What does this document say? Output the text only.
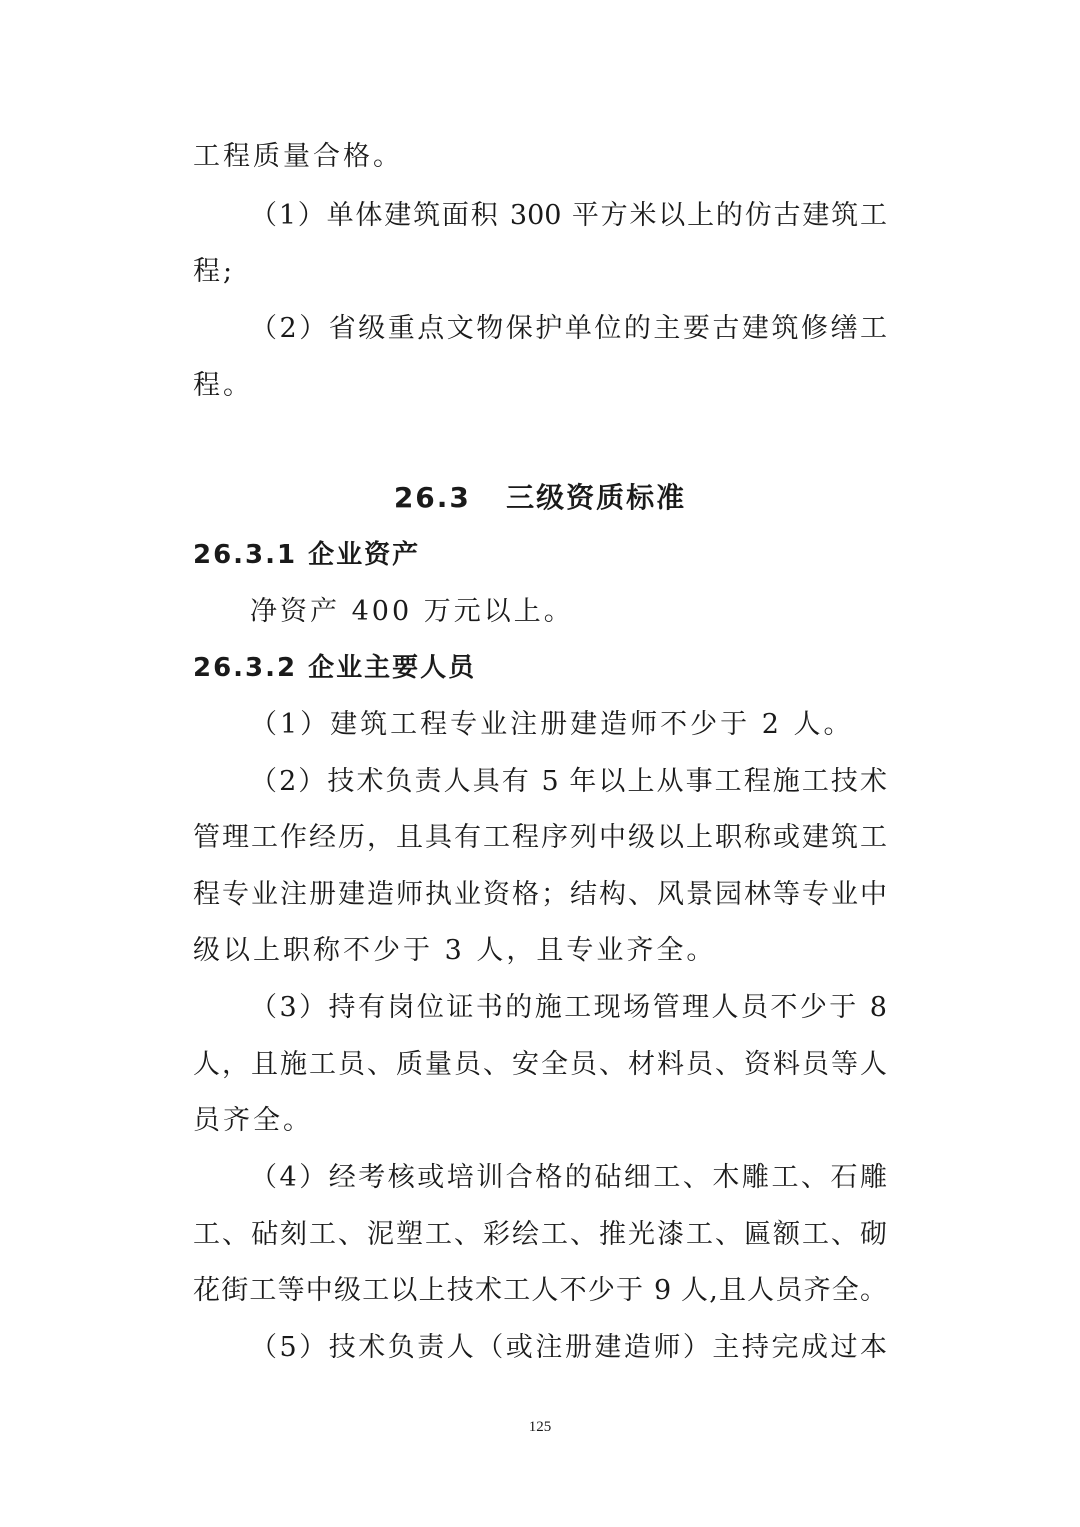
工程质量合格。
（1）单体建筑面积 300 平方米以上的仿古建筑工
程;
（2）省级重点文物保护单位的主要古建筑修缮工
程。
26.3   三级资质标准
26.3.1 企业资产
净资产 400 万元以上。
26.3.2 企业主要人员
（1）建筑工程专业注册建造师不少于 2 人。
（2）技术负责人具有 5 年以上从事工程施工技术
管理工作经历，且具有工程序列中级以上职称或建筑工
程专业注册建造师执业资格；结构、风景园林等专业中
级以上职称不少于 3 人，且专业齐全。
（3）持有岗位证书的施工现场管理人员不少于 8
人，且施工员、质量员、安全员、材料员、资料员等人
员齐全。
（4）经考核或培训合格的砧细工、木雕工、石雕
工、砧刻工、泥塑工、彩绘工、推光漆工、匾额工、砌
花街工等中级工以上技术工人不少于 9 人,且人员齐全。
（5）技术负责人（或注册建造师）主持完成过本
125
